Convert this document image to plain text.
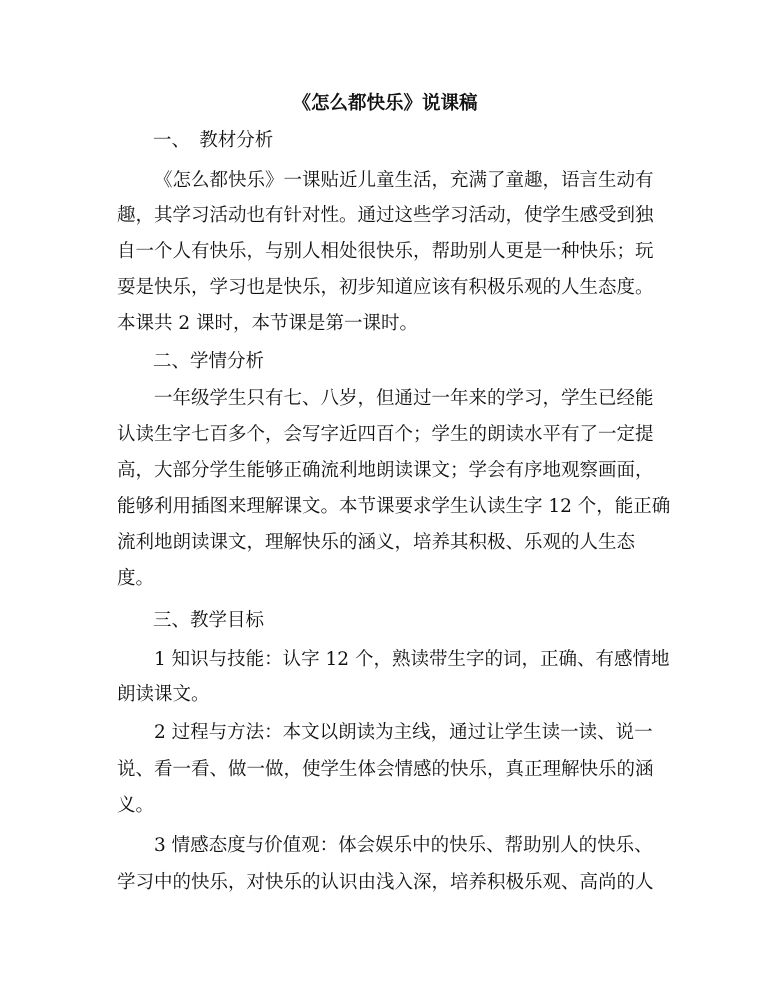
《怎么都快乐》说课稿
一、　教材分析
《怎么都快乐》一课贴近儿童生活，充满了童趣，语言生动有
趣，其学习活动也有针对性。通过这些学习活动，使学生感受到独
自一个人有快乐，与别人相处很快乐，帮助别人更是一种快乐；玩
耍是快乐，学习也是快乐，初步知道应该有积极乐观的人生态度。
本课共 2 课时，本节课是第一课时。
二、学情分析
一年级学生只有七、八岁，但通过一年来的学习，学生已经能
认读生字七百多个，会写字近四百个；学生的朗读水平有了一定提
高，大部分学生能够正确流利地朗读课文；学会有序地观察画面，
能够利用插图来理解课文。本节课要求学生认读生字 12 个，能正确
流利地朗读课文，理解快乐的涵义，培养其积极、乐观的人生态
度。
三、教学目标
1 知识与技能：认字 12 个，熟读带生字的词，正确、有感情地
朗读课文。
2 过程与方法：本文以朗读为主线，通过让学生读一读、说一
说、看一看、做一做，使学生体会情感的快乐，真正理解快乐的涵
义。
3 情感态度与价值观：体会娱乐中的快乐、帮助别人的快乐、
学习中的快乐，对快乐的认识由浅入深，培养积极乐观、高尚的人
